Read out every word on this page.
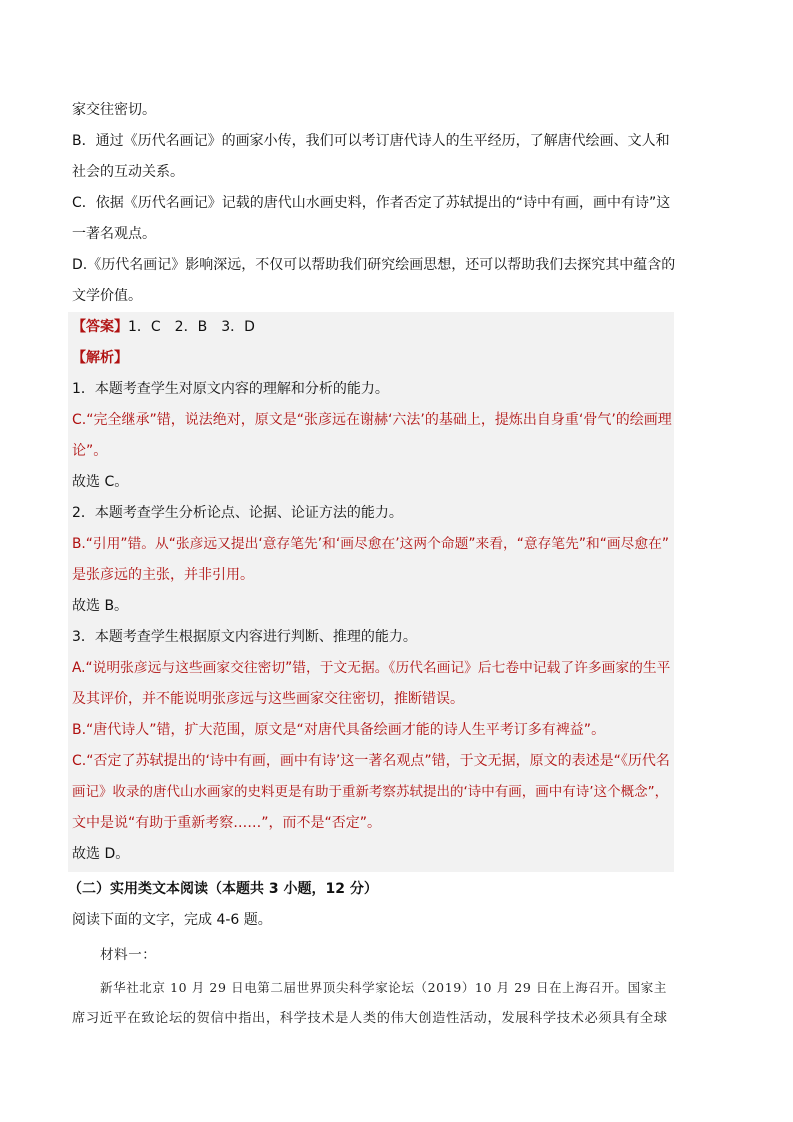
家交往密切。
B．通过《历代名画记》的画家小传，我们可以考订唐代诗人的生平经历，了解唐代绘画、文人和
社会的互动关系。
C．依据《历代名画记》记载的唐代山水画史料，作者否定了苏轼提出的“诗中有画，画中有诗”这
一著名观点。
D.《历代名画记》影响深远，不仅可以帮助我们研究绘画思想，还可以帮助我们去探究其中蕴含的
文学价值。
【答案】1．C　2．B　3．D
【解析】
1．本题考查学生对原文内容的理解和分析的能力。
C.“完全继承”错，说法绝对，原文是“张彦远在谢赫‘六法’的基础上，提炼出自身重‘骨气’的绘画理
论”。
故选 C。
2．本题考查学生分析论点、论据、论证方法的能力。
B.“引用”错。从“张彦远又提出‘意存笔先’和‘画尽愈在’这两个命题”来看，“意存笔先”和“画尽愈在”
是张彦远的主张，并非引用。
故选 B。
3．本题考查学生根据原文内容进行判断、推理的能力。
A.“说明张彦远与这些画家交往密切”错，于文无据。《历代名画记》后七卷中记载了许多画家的生平
及其评价，并不能说明张彦远与这些画家交往密切，推断错误。
B.“唐代诗人”错，扩大范围，原文是“对唐代具备绘画才能的诗人生平考订多有裨益”。
C.“否定了苏轼提出的‘诗中有画，画中有诗’这一著名观点”错，于文无据，原文的表述是“《历代名
画记》收录的唐代山水画家的史料更是有助于重新考察苏轼提出的‘诗中有画，画中有诗’这个概念”，
文中是说“有助于重新考察……”，而不是“否定”。
故选 D。
（二）实用类文本阅读（本题共 3 小题，12 分）
阅读下面的文字，完成 4-6 题。
材料一：
新华社北京 10 月 29 日电第二届世界顶尖科学家论坛（2019）10 月 29 日在上海召开。国家主
席习近平在致论坛的贺信中指出，科学技术是人类的伟大创造性活动，发展科学技术必须具有全球
